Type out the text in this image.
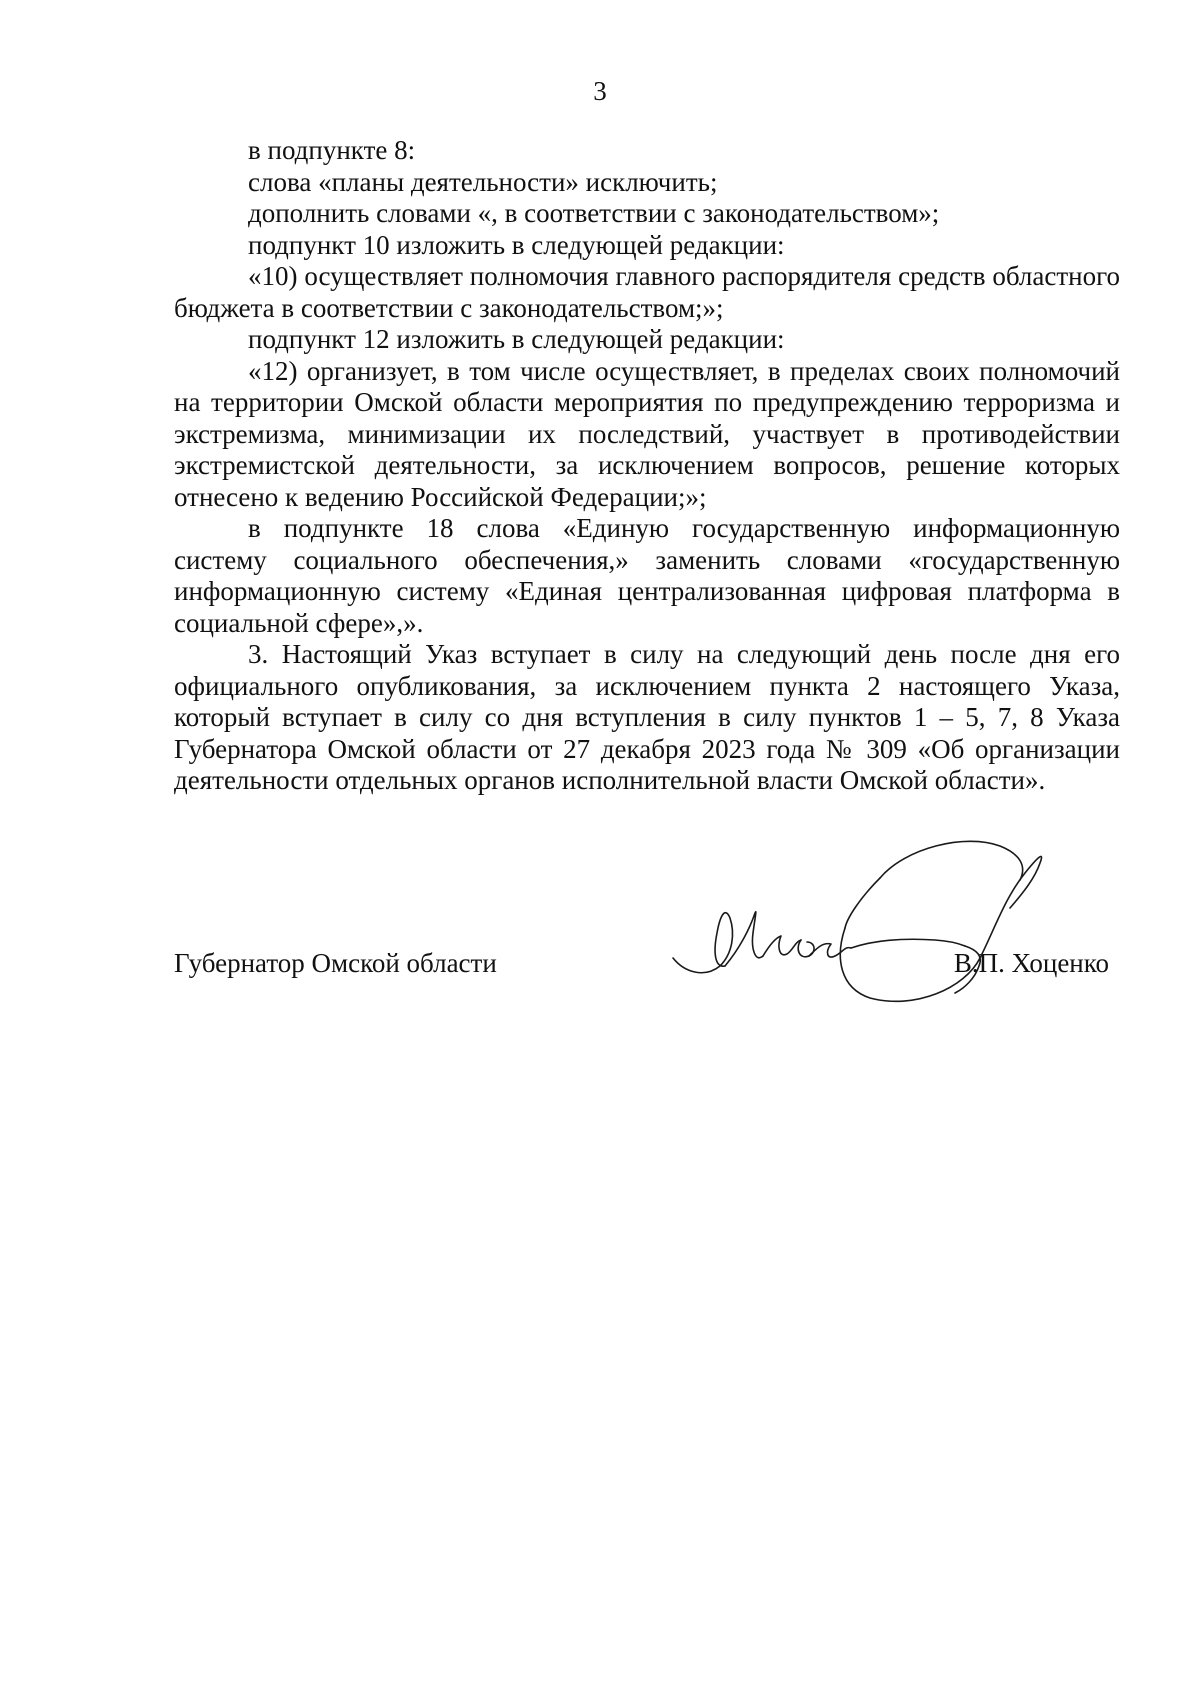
3

в подпункте 8:

слова «планы деятельности» исключить;

дополнить словами «, в соответствии с законодательством»;

подпункт 10 изложить в следующей редакции:

«10) осуществляет полномочия главного распорядителя средств областного бюджета в соответствии с законодательством;»;

подпункт 12 изложить в следующей редакции:

«12) организует, в том числе осуществляет, в пределах своих полномочий на территории Омской области мероприятия по предупреждению терроризма и экстремизма, минимизации их последствий, участвует в противодействии экстремистской деятельности, за исключением вопросов, решение которых отнесено к ведению Российской Федерации;»;

в подпункте 18 слова «Единую государственную информационную систему социального обеспечения,» заменить словами «государственную информационную систему «Единая централизованная цифровая платформа в социальной сфере»,».

3. Настоящий Указ вступает в силу на следующий день после дня его официального опубликования, за исключением пункта 2 настоящего Указа, который вступает в силу со дня вступления в силу пунктов 1 – 5, 7, 8 Указа Губернатора Омской области от 27 декабря 2023 года № 309 «Об организации деятельности отдельных органов исполнительной власти Омской области».

Губернатор Омской области	В.П. Хоценко
